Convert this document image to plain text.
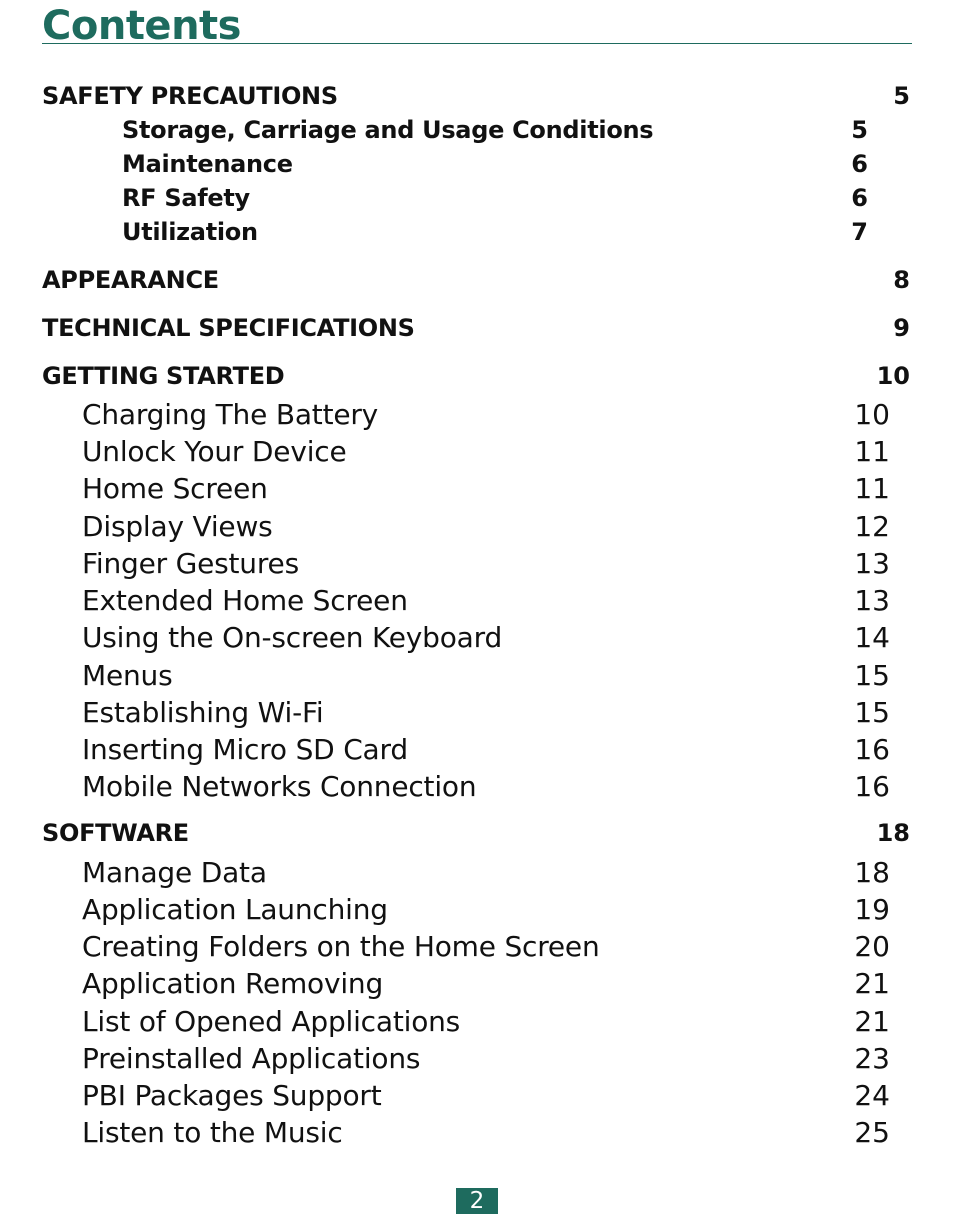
Contents
SAFETY PRECAUTIONS	5
Storage, Carriage and Usage Conditions	5
Maintenance	6
RF Safety	6
Utilization	7
APPEARANCE	8
TECHNICAL SPECIFICATIONS	9
GETTING STARTED	10
Charging The Battery	10
Unlock Your Device	11
Home Screen	11
Display Views	12
Finger Gestures	13
Extended Home Screen	13
Using the On-screen Keyboard	14
Menus	15
Establishing Wi-Fi	15
Inserting Micro SD Card	16
Mobile Networks Connection	16
SOFTWARE	18
Manage Data	18
Application Launching	19
Creating Folders on the Home Screen	20
Application Removing	21
List of Opened Applications	21
Preinstalled Applications	23
PBI Packages Support	24
Listen to the Music	25
2
